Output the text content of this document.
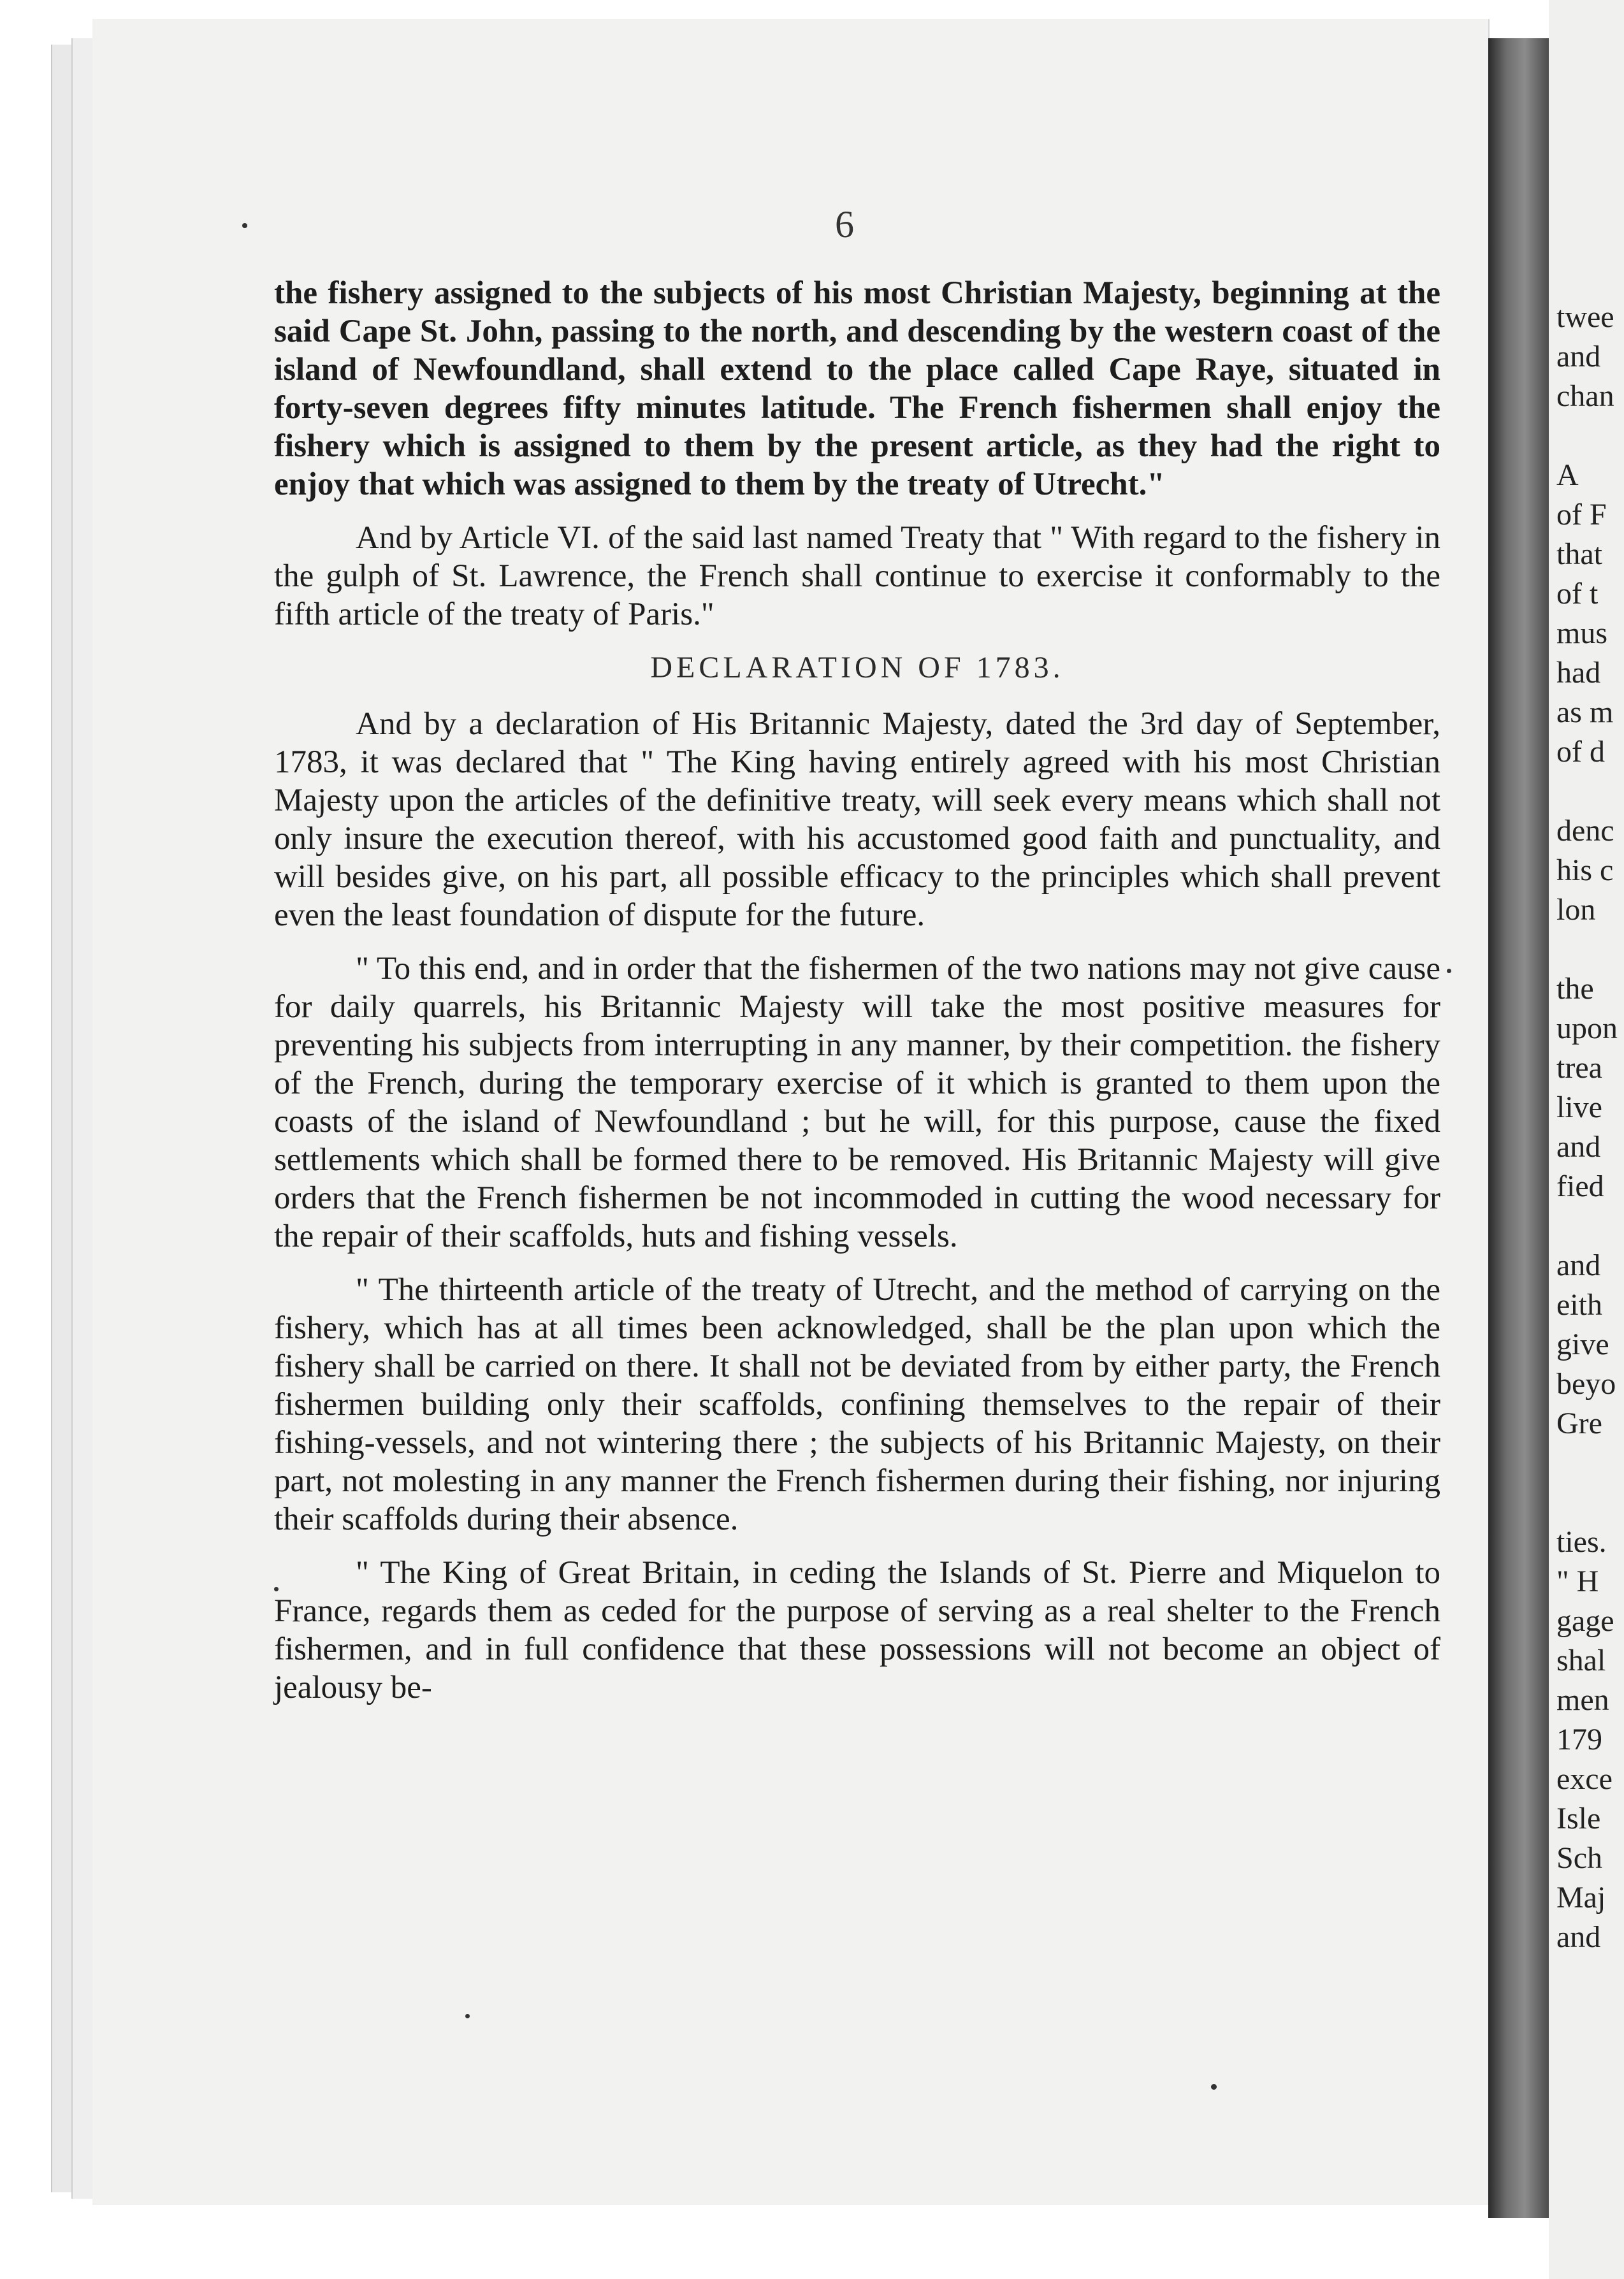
6

the fishery assigned to the subjects of his most Christian Majesty, beginning at the said Cape St. John, passing to the north, and descending by the western coast of the island of Newfoundland, shall extend to the place called Cape Raye, situated in forty-seven degrees fifty minutes latitude. The French fishermen shall enjoy the fishery which is assigned to them by the present article, as they had the right to enjoy that which was assigned to them by the treaty of Utrecht."

And by Article VI. of the said last named Treaty that " With regard to the fishery in the gulph of St. Lawrence, the French shall continue to exercise it conformably to the fifth article of the treaty of Paris."

DECLARATION OF 1783.

And by a declaration of His Britannic Majesty, dated the 3rd day of September, 1783, it was declared that " The King having entirely agreed with his most Christian Majesty upon the articles of the definitive treaty, will seek every means which shall not only insure the execution thereof, with his accustomed good faith and punctuality, and will besides give, on his part, all possible efficacy to the principles which shall prevent even the least foundation of dispute for the future.

" To this end, and in order that the fishermen of the two nations may not give cause for daily quarrels, his Britannic Majesty will take the most positive measures for preventing his subjects from interrupting in any manner, by their competition. the fishery of the French, during the temporary exercise of it which is granted to them upon the coasts of the island of Newfoundland ; but he will, for this purpose, cause the fixed settlements which shall be formed there to be removed. His Britannic Majesty will give orders that the French fishermen be not incommoded in cutting the wood necessary for the repair of their scaffolds, huts and fishing vessels.

" The thirteenth article of the treaty of Utrecht, and the method of carrying on the fishery, which has at all times been acknowledged, shall be the plan upon which the fishery shall be carried on there. It shall not be deviated from by either party, the French fishermen building only their scaffolds, confining themselves to the repair of their fishing-vessels, and not wintering there ; the subjects of his Britannic Majesty, on their part, not molesting in any manner the French fishermen during their fishing, nor injuring their scaffolds during their absence.

" The King of Great Britain, in ceding the Islands of St. Pierre and Miquelon to France, regards them as ceded for the purpose of serving as a real shelter to the French fishermen, and in full confidence that these possessions will not become an object of jealousy be-

twee
and
chan
A
of F
that
of t
mus
had
as m
of d
denc
his c
lon
the
upon
trea
live
and
fied
and
eith
give
beyo
Gre
ties.
" H
gage
shal
men
179
exce
Isle
Sch
Maj
and
